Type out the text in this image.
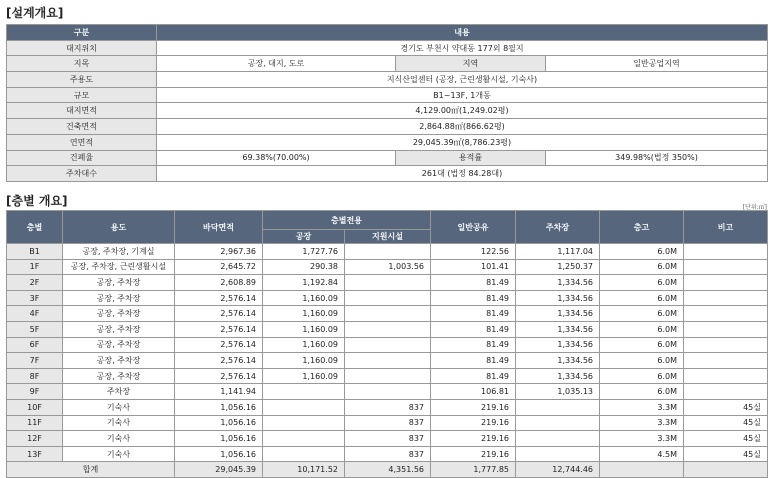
[설계개요]
구분	내용		
대지위치	경기도 부천시 약대동 177외 8필지		
지목	공장, 대지, 도로	지역	일반공업지역
주용도	지식산업센터 (공장, 근린생활시설, 기숙사)		
규모	B1~13F, 1개동		
대지면적	4,129.00㎡(1,249.02평)		
건축면적	2,864.88㎡(866.62평)		
연면적	29,045.39㎡(8,786.23평)		
건폐율	69.38%(70.00%)	용적률	349.98%(법정 350%)
주차대수	261대 (법정 84.28대)		
[층별 개요]	[단위:㎡]
층별	용도	바닥면적	층별전용		일반공유	주차장	층고	비고
			공장	지원시설				
B1	공장, 주차장, 기계실	2,967.36	1,727.76		122.56	1,117.04	6.0M	
1F	공장, 주차장, 근린생활시설	2,645.72	290.38	1,003.56	101.41	1,250.37	6.0M	
2F	공장, 주차장	2,608.89	1,192.84		81.49	1,334.56	6.0M	
3F	공장, 주차장	2,576.14	1,160.09		81.49	1,334.56	6.0M	
4F	공장, 주차장	2,576.14	1,160.09		81.49	1,334.56	6.0M	
5F	공장, 주차장	2,576.14	1,160.09		81.49	1,334.56	6.0M	
6F	공장, 주차장	2,576.14	1,160.09		81.49	1,334.56	6.0M	
7F	공장, 주차장	2,576.14	1,160.09		81.49	1,334.56	6.0M	
8F	공장, 주차장	2,576.14	1,160.09		81.49	1,334.56	6.0M	
9F	주차장	1,141.94			106.81	1,035.13	6.0M	
10F	기숙사	1,056.16		837	219.16		3.3M	45실
11F	기숙사	1,056.16		837	219.16		3.3M	45실
12F	기숙사	1,056.16		837	219.16		3.3M	45실
13F	기숙사	1,056.16		837	219.16		4.5M	45실
합계		29,045.39	10,171.52	4,351.56	1,777.85	12,744.46		
